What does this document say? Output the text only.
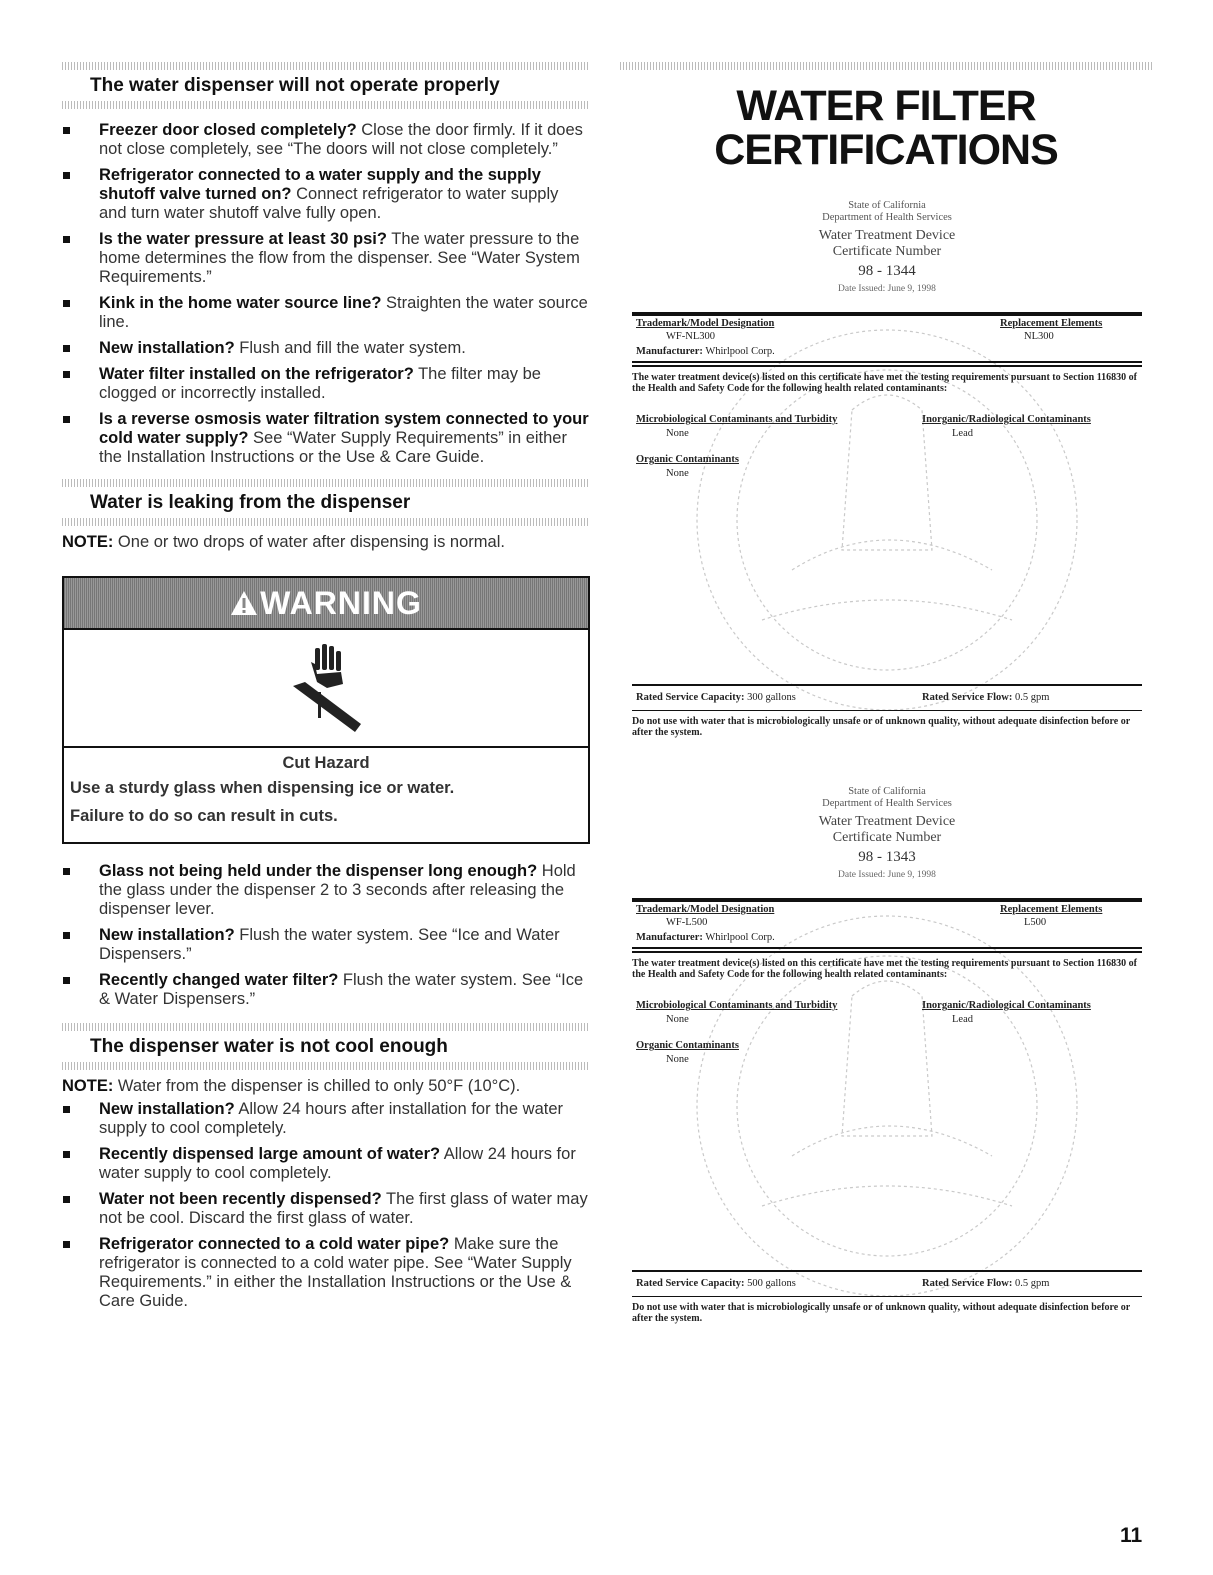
The water dispenser will not operate properly
Freezer door closed completely? Close the door firmly. If it does not close completely, see “The doors will not close completely.”
Refrigerator connected to a water supply and the supply shutoff valve turned on? Connect refrigerator to water supply and turn water shutoff valve fully open.
Is the water pressure at least 30 psi? The water pressure to the home determines the flow from the dispenser. See “Water System Requirements.”
Kink in the home water source line? Straighten the water source line.
New installation? Flush and fill the water system.
Water filter installed on the refrigerator? The filter may be clogged or incorrectly installed.
Is a reverse osmosis water filtration system connected to your cold water supply? See “Water Supply Requirements” in either the Installation Instructions or the Use & Care Guide.
Water is leaking from the dispenser
NOTE: One or two drops of water after dispensing is normal.
WARNING
Cut Hazard
Use a sturdy glass when dispensing ice or water.
Failure to do so can result in cuts.
Glass not being held under the dispenser long enough? Hold the glass under the dispenser 2 to 3 seconds after releasing the dispenser lever.
New installation? Flush the water system. See “Ice and Water Dispensers.”
Recently changed water filter? Flush the water system. See “Ice & Water Dispensers.”
The dispenser water is not cool enough
NOTE: Water from the dispenser is chilled to only 50°F (10°C).
New installation? Allow 24 hours after installation for the water supply to cool completely.
Recently dispensed large amount of water? Allow 24 hours for water supply to cool completely.
Water not been recently dispensed? The first glass of water may not be cool. Discard the first glass of water.
Refrigerator connected to a cold water pipe? Make sure the refrigerator is connected to a cold water pipe. See “Water Supply Requirements.” in either the Installation Instructions or the Use & Care Guide.
WATER FILTER
CERTIFICATIONS
State of California
Department of Health Services
Water Treatment Device
Certificate Number
98 - 1344
Date Issued: June 9, 1998
Trademark/Model Designation
WF-NL300
Replacement Elements
NL300
Manufacturer: Whirlpool Corp.
The water treatment device(s) listed on this certificate have met the testing requirements pursuant to Section 116830 of the Health and Safety Code for the following health related contaminants:
Microbiological Contaminants and Turbidity
None
Inorganic/Radiological Contaminants
Lead
Organic Contaminants
None
Rated Service Capacity: 300 gallons	Rated Service Flow: 0.5 gpm
Do not use with water that is microbiologically unsafe or of unknown quality, without adequate disinfection before or after the system.
State of California
Department of Health Services
Water Treatment Device
Certificate Number
98 - 1343
Date Issued: June 9, 1998
Trademark/Model Designation
WF-L500
Replacement Elements
L500
Manufacturer: Whirlpool Corp.
The water treatment device(s) listed on this certificate have met the testing requirements pursuant to Section 116830 of the Health and Safety Code for the following health related contaminants:
Microbiological Contaminants and Turbidity
None
Inorganic/Radiological Contaminants
Lead
Organic Contaminants
None
Rated Service Capacity: 500 gallons	Rated Service Flow: 0.5 gpm
Do not use with water that is microbiologically unsafe or of unknown quality, without adequate disinfection before or after the system.
11
